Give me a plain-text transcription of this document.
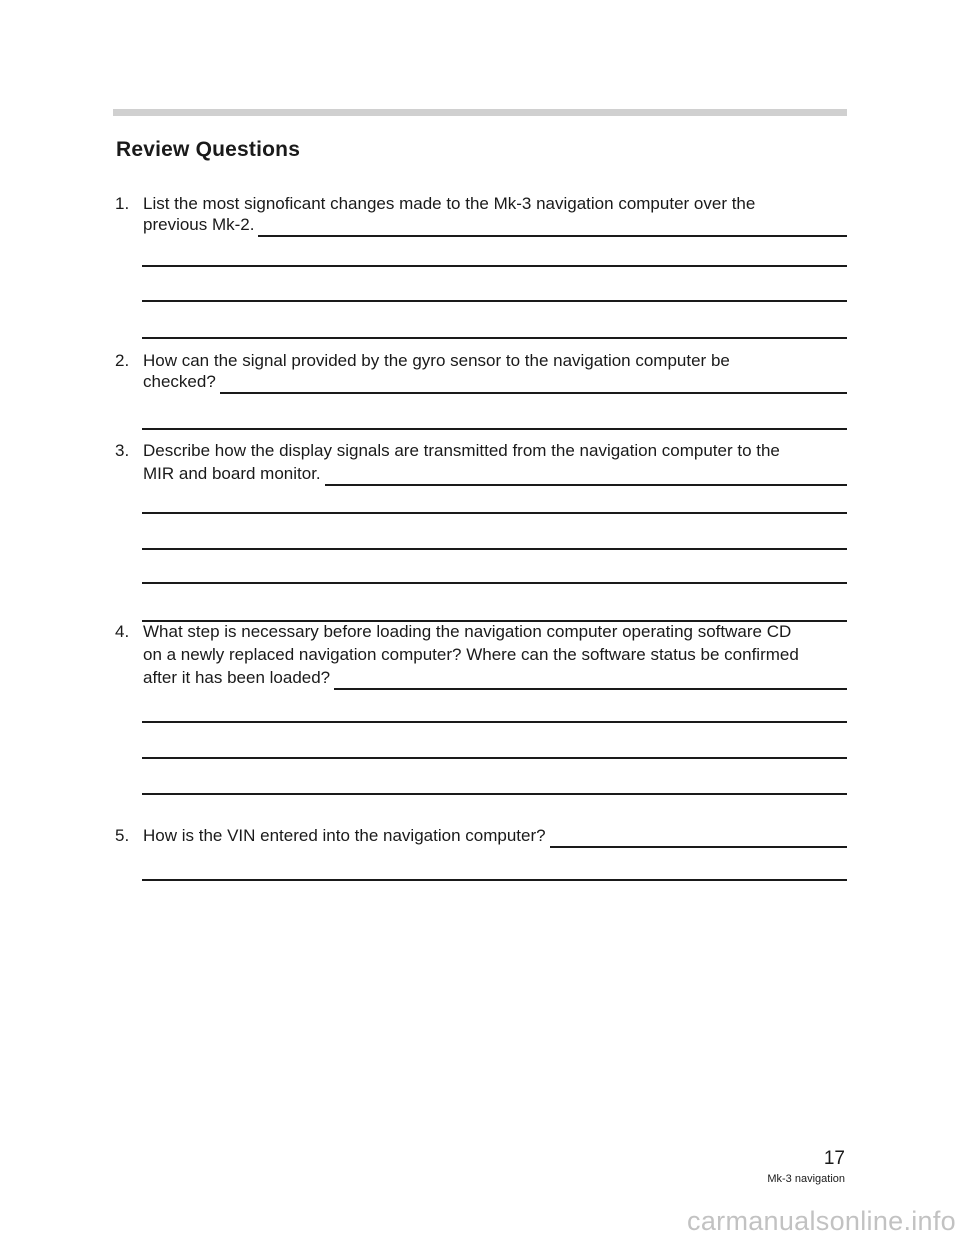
Review Questions
1. List the most signoficant changes made to the Mk-3 navigation computer over the
previous Mk-2.
2. How can the signal provided by the gyro sensor to the navigation computer be
checked?
3. Describe how the display signals are transmitted from the navigation computer to the
MIR and board monitor.
4. What step is necessary before loading the navigation computer operating software CD
on a newly replaced navigation computer? Where can the software status be confirmed
after it has been loaded?
5. How is the VIN entered into the navigation computer?
17
Mk-3 navigation
carmanualsonline.info
